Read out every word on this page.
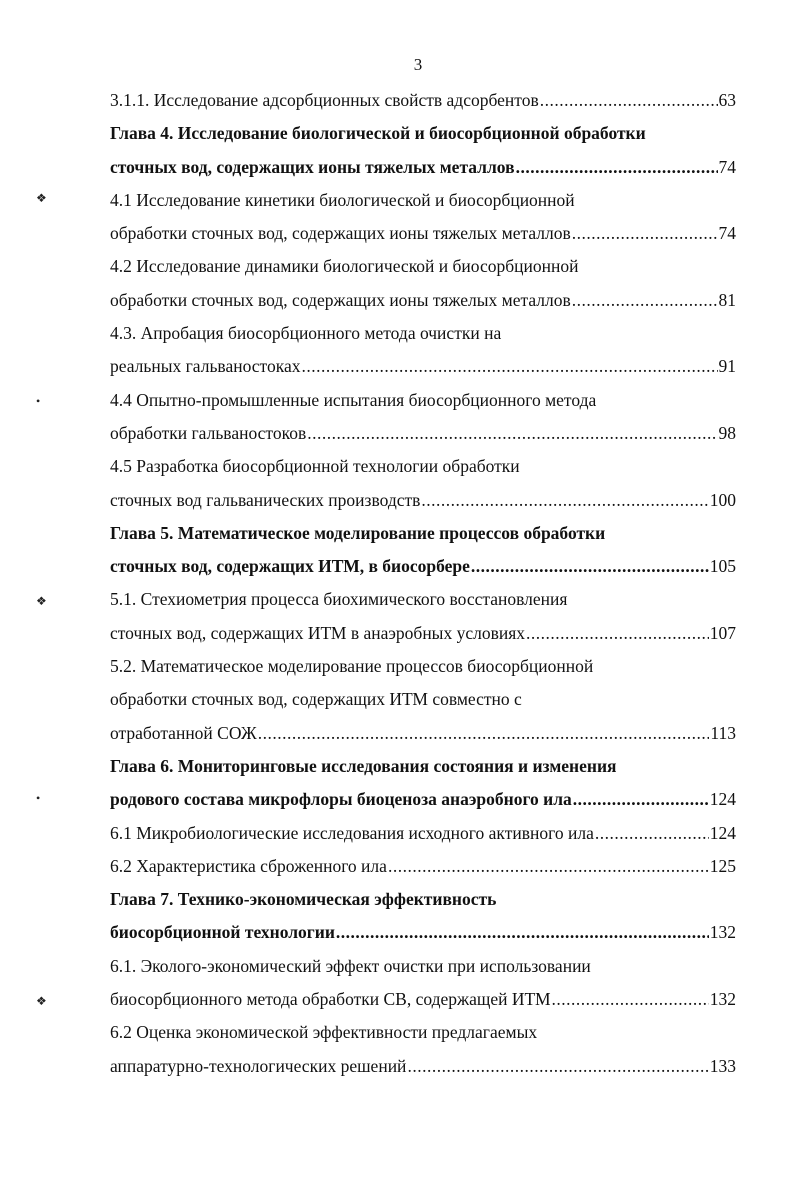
3
3.1.1. Исследование адсорбционных свойств адсорбентов .....	63
Глава 4. Исследование биологической и биосорбционной обработки
сточных вод, содержащих ионы тяжелых металлов .....	74
4.1 Исследование кинетики биологической и биосорбционной
обработки сточных вод, содержащих ионы тяжелых металлов .....	74
4.2 Исследование динамики биологической и биосорбционной
обработки сточных вод, содержащих ионы тяжелых металлов .....	81
4.3. Апробация биосорбционного метода очистки на
реальных гальваностоках .....	91
4.4 Опытно-промышленные испытания биосорбционного метода
обработки гальваностоков .....	98
4.5 Разработка биосорбционной технологии обработки
сточных вод гальванических производств .....	100
Глава 5. Математическое моделирование процессов обработки
сточных вод, содержащих ИТМ, в биосорбере .....	105
5.1. Стехиометрия процесса биохимического восстановления
сточных вод, содержащих ИТМ в анаэробных условиях .....	107
5.2. Математическое моделирование процессов биосорбционной
обработки сточных вод, содержащих ИТМ совместно с
отработанной СОЖ .....	113
Глава 6. Мониторинговые исследования состояния и изменения
родового состава микрофлоры биоценоза анаэробного ила .....	124
6.1 Микробиологические исследования исходного активного ила .....	124
6.2 Характеристика сброженного ила .....	125
Глава 7. Технико-экономическая эффективность
биосорбционной технологии .....	132
6.1. Эколого-экономический эффект очистки при использовании
биосорбционного метода обработки СВ, содержащей ИТМ .....	132
6.2 Оценка экономической эффективности предлагаемых
аппаратурно-технологических решений .....	133
❖
•
❖
•
❖
